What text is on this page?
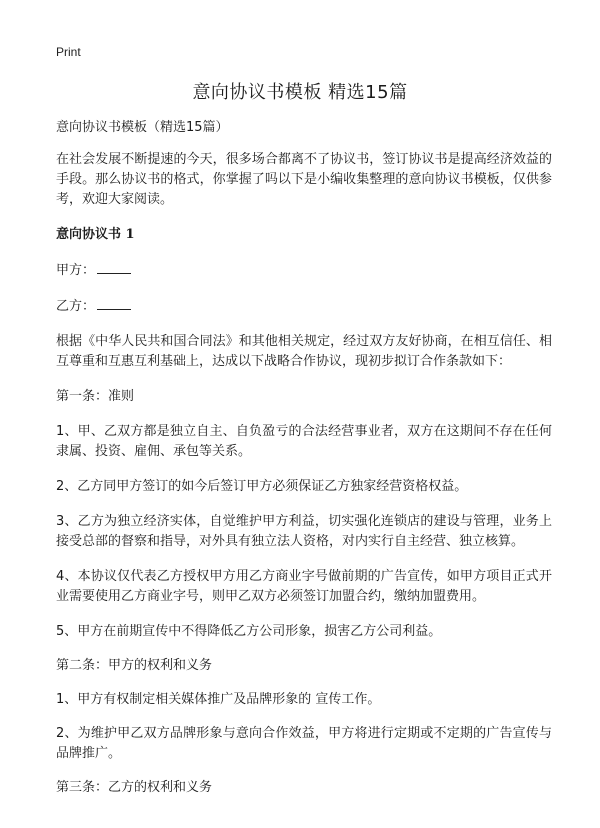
Print
意向协议书模板 精选15篇

意向协议书模板（精选15篇）

在社会发展不断提速的今天，很多场合都离不了协议书，签订协议书是提高经济效益的手段。那么协议书的格式，你掌握了吗以下是小编收集整理的意向协议书模板，仅供参考，欢迎大家阅读。

意向协议书 1

甲方：

乙方：

根据《中华人民共和国合同法》和其他相关规定，经过双方友好协商，在相互信任、相互尊重和互惠互利基础上，达成以下战略合作协议，现初步拟订合作条款如下：

第一条：准则

1、甲、乙双方都是独立自主、自负盈亏的合法经营事业者，双方在这期间不存在任何隶属、投资、雇佣、承包等关系。

2、乙方同甲方签订的如今后签订甲方必须保证乙方独家经营资格权益。

3、乙方为独立经济实体，自觉维护甲方利益，切实强化连锁店的建设与管理，业务上接受总部的督察和指导，对外具有独立法人资格，对内实行自主经营、独立核算。

4、本协议仅代表乙方授权甲方用乙方商业字号做前期的广告宣传，如甲方项目正式开业需要使用乙方商业字号，则甲乙双方必须签订加盟合约，缴纳加盟费用。

5、甲方在前期宣传中不得降低乙方公司形象，损害乙方公司利益。

第二条：甲方的权利和义务

1、甲方有权制定相关媒体推广及品牌形象的 宣传工作。

2、为维护甲乙双方品牌形象与意向合作效益，甲方将进行定期或不定期的广告宣传与品牌推广。

第三条：乙方的权利和义务
